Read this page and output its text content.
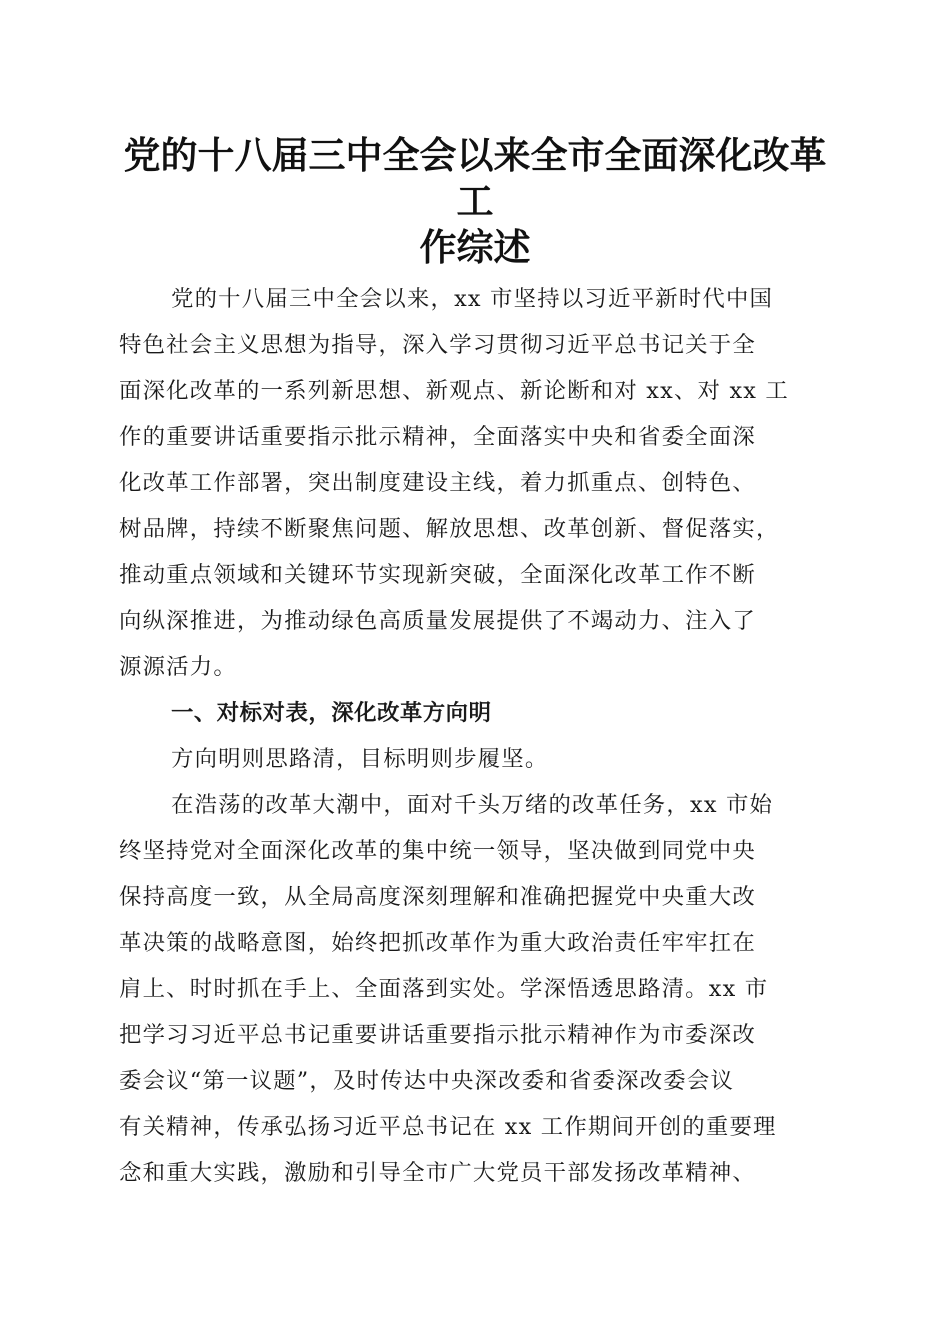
党的十八届三中全会以来全市全面深化改革工
作综述
党的十八届三中全会以来，xx 市坚持以习近平新时代中国
特色社会主义思想为指导，深入学习贯彻习近平总书记关于全
面深化改革的一系列新思想、新观点、新论断和对 xx、对 xx 工
作的重要讲话重要指示批示精神，全面落实中央和省委全面深
化改革工作部署，突出制度建设主线，着力抓重点、创特色、
树品牌，持续不断聚焦问题、解放思想、改革创新、督促落实，
推动重点领域和关键环节实现新突破，全面深化改革工作不断
向纵深推进，为推动绿色高质量发展提供了不竭动力、注入了
源源活力。
一、对标对表，深化改革方向明
方向明则思路清，目标明则步履坚。
在浩荡的改革大潮中，面对千头万绪的改革任务，xx 市始
终坚持党对全面深化改革的集中统一领导，坚决做到同党中央
保持高度一致，从全局高度深刻理解和准确把握党中央重大改
革决策的战略意图，始终把抓改革作为重大政治责任牢牢扛在
肩上、时时抓在手上、全面落到实处。学深悟透思路清。xx 市
把学习习近平总书记重要讲话重要指示批示精神作为市委深改
委会议“第一议题”，及时传达中央深改委和省委深改委会议
有关精神，传承弘扬习近平总书记在 xx 工作期间开创的重要理
念和重大实践，激励和引导全市广大党员干部发扬改革精神、
